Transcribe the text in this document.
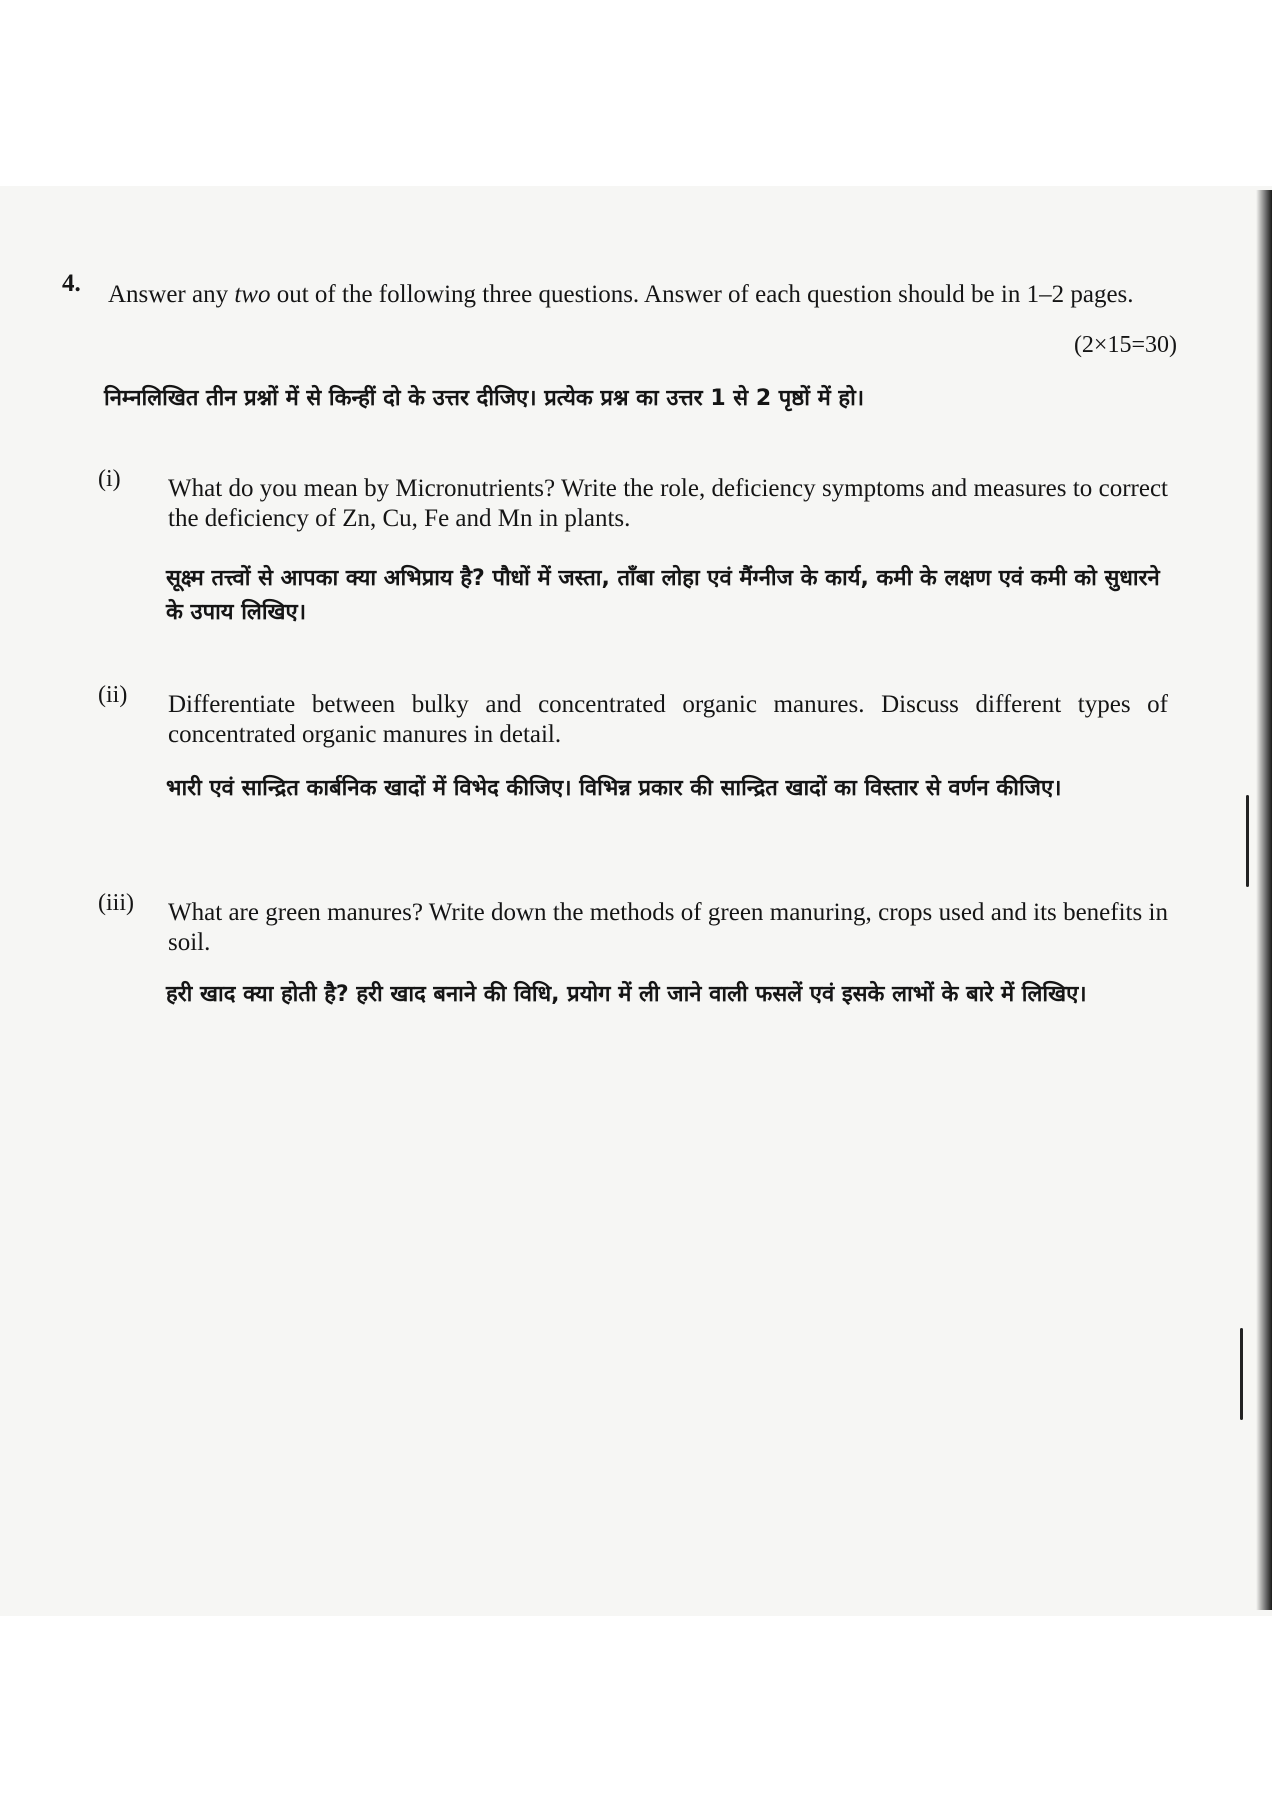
4. Answer any two out of the following three questions. Answer of each question should be in 1–2 pages.
(2×15=30)
निम्नलिखित तीन प्रश्नों में से किन्हीं दो के उत्तर दीजिए। प्रत्येक प्रश्न का उत्तर 1 से 2 पृष्ठों में हो।
(i) What do you mean by Micronutrients? Write the role, deficiency symptoms and measures to correct the deficiency of Zn, Cu, Fe and Mn in plants.
सूक्ष्म तत्त्वों से आपका क्या अभिप्राय है? पौधों में जस्ता, ताँबा लोहा एवं मैंग्नीज के कार्य, कमी के लक्षण एवं कमी को सुधारने के उपाय लिखिए।
(ii) Differentiate between bulky and concentrated organic manures. Discuss different types of concentrated organic manures in detail.
भारी एवं सान्द्रित कार्बनिक खादों में विभेद कीजिए। विभिन्न प्रकार की सान्द्रित खादों का विस्तार से वर्णन कीजिए।
(iii) What are green manures? Write down the methods of green manuring, crops used and its benefits in soil.
हरी खाद क्या होती है? हरी खाद बनाने की विधि, प्रयोग में ली जाने वाली फसलें एवं इसके लाभों के बारे में लिखिए।
